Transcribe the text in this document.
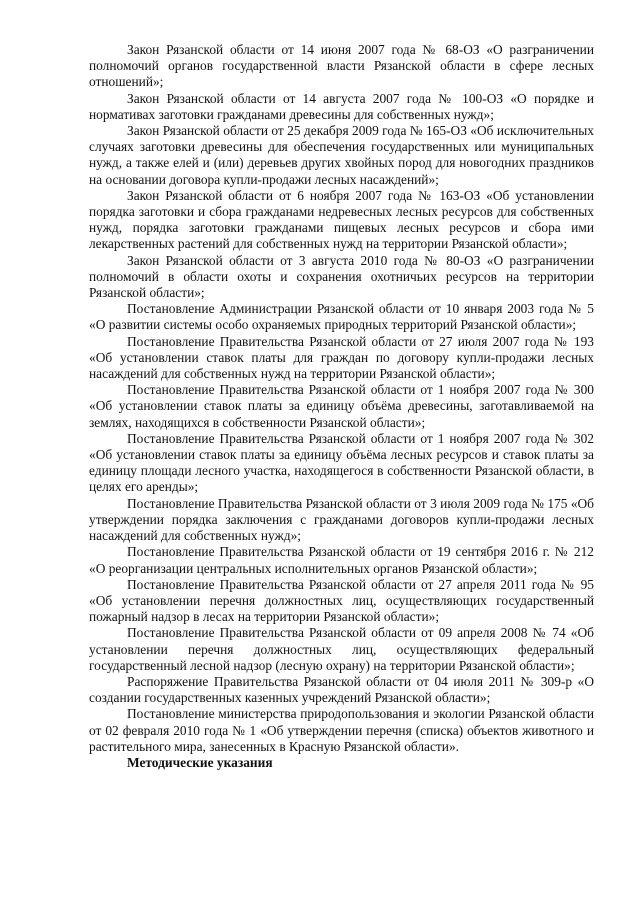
Закон Рязанской области от 14 июня 2007 года № 68-ОЗ «О разграничении полномочий органов государственной власти Рязанской области в сфере лесных отношений»;

Закон Рязанской области от 14 августа 2007 года № 100-ОЗ «О порядке и нормативах заготовки гражданами древесины для собственных нужд»;

Закон Рязанской области от 25 декабря 2009 года № 165-ОЗ «Об исключительных случаях заготовки древесины для обеспечения государственных или муниципальных нужд, а также елей и (или) деревьев других хвойных пород для новогодних праздников на основании договора купли-продажи лесных насаждений»;

Закон Рязанской области от 6 ноября 2007 года № 163-ОЗ «Об установлении порядка заготовки и сбора гражданами недревесных лесных ресурсов для собственных нужд, порядка заготовки гражданами пищевых лесных ресурсов и сбора ими лекарственных растений для собственных нужд на территории Рязанской области»;

Закон Рязанской области от 3 августа 2010 года № 80-ОЗ «О разграничении полномочий в области охоты и сохранения охотничьих ресурсов на территории Рязанской области»;

Постановление Администрации Рязанской области от 10 января 2003 года № 5 «О развитии системы особо охраняемых природных территорий Рязанской области»;

Постановление Правительства Рязанской области от 27 июля 2007 года № 193 «Об установлении ставок платы для граждан по договору купли-продажи лесных насаждений для собственных нужд на территории Рязанской области»;

Постановление Правительства Рязанской области от 1 ноября 2007 года № 300 «Об установлении ставок платы за единицу объёма древесины, заготавливаемой на землях, находящихся в собственности Рязанской области»;

Постановление Правительства Рязанской области от 1 ноября 2007 года № 302 «Об установлении ставок платы за единицу объёма лесных ресурсов и ставок платы за единицу площади лесного участка, находящегося в собственности Рязанской области, в целях его аренды»;

Постановление Правительства Рязанской области от 3 июля 2009 года № 175 «Об утверждении порядка заключения с гражданами договоров купли-продажи лесных насаждений для собственных нужд»;

Постановление Правительства Рязанской области от 19 сентября 2016 г. № 212 «О реорганизации центральных исполнительных органов Рязанской области»;

Постановление Правительства Рязанской области от 27 апреля 2011 года № 95 «Об установлении перечня должностных лиц, осуществляющих государственный пожарный надзор в лесах на территории Рязанской области»;

Постановление Правительства Рязанской области от 09 апреля 2008 № 74 «Об установлении перечня должностных лиц, осуществляющих федеральный государственный лесной надзор (лесную охрану) на территории Рязанской области»;

Распоряжение Правительства Рязанской области от 04 июля 2011 № 309-р «О создании государственных казенных учреждений Рязанской области»;

Постановление министерства природопользования и экологии Рязанской области от 02 февраля 2010 года № 1 «Об утверждении перечня (списка) объектов животного и растительного мира, занесенных в Красную Рязанской области».

Методические указания
